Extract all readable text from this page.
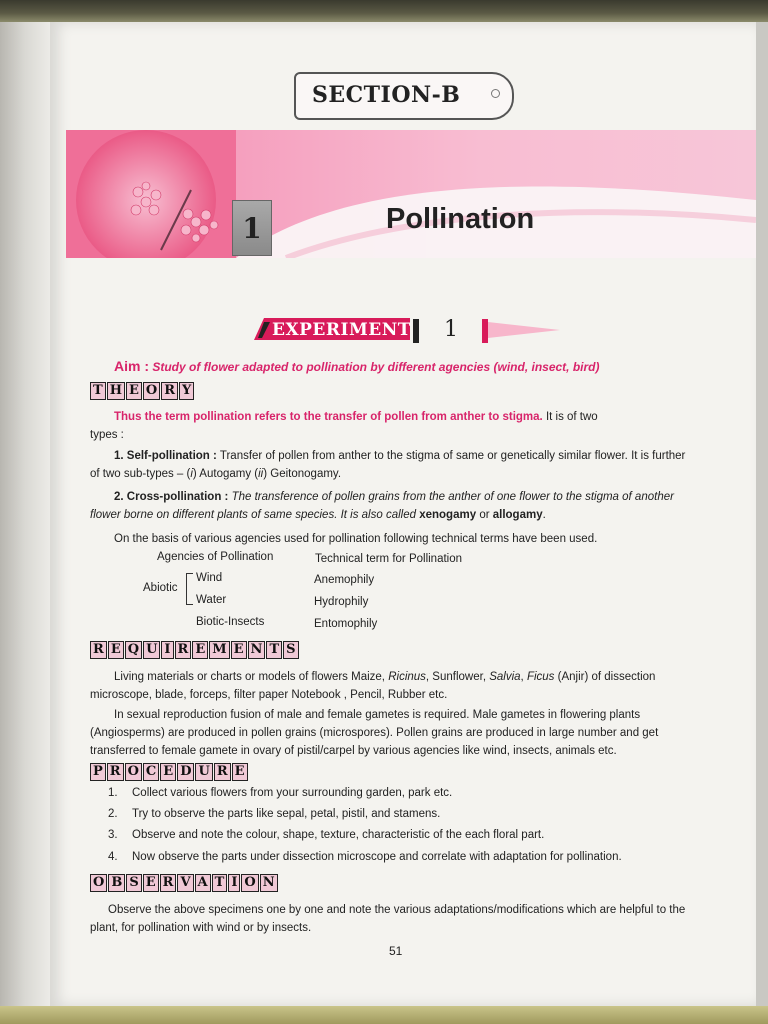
SECTION-B
1	Pollination
EXPERIMENT 1
Aim : Study of flower adapted to pollination by different agencies (wind, insect, bird)
T H E O R Y
Thus the term pollination refers to the transfer of pollen from anther to stigma. It is of two
types :
1. Self-pollination : Transfer of pollen from anther to the stigma of same or genetically similar flower. It is further
of two sub-types – (i) Autogamy (ii) Geitonogamy.
2. Cross-pollination : The transference of pollen grains from the anther of one flower to the stigma of another
flower borne on different plants of same species. It is also called xenogamy or allogamy.
On the basis of various agencies used for pollination following technical terms have been used.
Agencies of Pollination	Technical term for Pollination
Abiotic
Wind	Anemophily
Water	Hydrophily
Biotic-Insects	Entomophily
R E Q U I R E M E N T S
Living materials or charts or models of flowers Maize, Ricinus, Sunflower, Salvia, Ficus (Anjir) of dissection
microscope, blade, forceps, filter paper Notebook , Pencil, Rubber etc.
In sexual reproduction fusion of male and female gametes is required. Male gametes in flowering plants
(Angiosperms) are produced in pollen grains (microspores). Pollen grains are produced in large number and get
transferred to female gamete in ovary of pistil/carpel by various agencies like wind, insects, animals etc.
P R O C E D U R E
1. Collect various flowers from your surrounding garden, park etc.
2. Try to observe the parts like sepal, petal, pistil, and stamens.
3. Observe and note the colour, shape, texture, characteristic of the each floral part.
4. Now observe the parts under dissection microscope and correlate with adaptation for pollination.
O B S E R V A T I O N
Observe the above specimens one by one and note the various adaptations/modifications which are helpful to the
plant, for pollination with wind or by insects.
51
